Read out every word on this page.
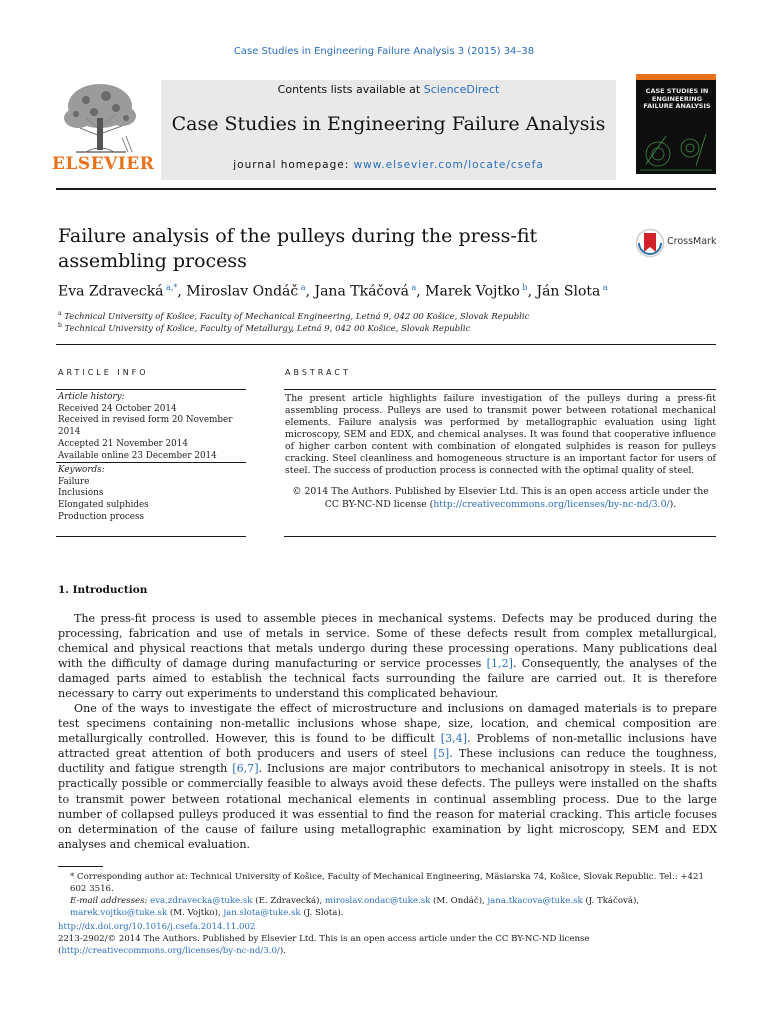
Case Studies in Engineering Failure Analysis 3 (2015) 34–38
ELSEVIER
Contents lists available at ScienceDirect
Case Studies in Engineering Failure Analysis
journal homepage: www.elsevier.com/locate/csefa
CASE STUDIES IN ENGINEERING FAILURE ANALYSIS
Failure analysis of the pulleys during the press-fit assembling process
CrossMark
Eva Zdravecká $^{a,*}$, Miroslav Ondáč $^a$, Jana Tkáčová $^a$, Marek Vojtko $^b$, Ján Slota $^a$
$^a$ Technical University of Košice, Faculty of Mechanical Engineering, Letná 9, 042 00 Košice, Slovak Republic
$^b$ Technical University of Košice, Faculty of Metallurgy, Letná 9, 042 00 Košice, Slovak Republic
ARTICLE INFO	ABSTRACT
Article history:
Received 24 October 2014
Received in revised form 20 November 2014
Accepted 21 November 2014
Available online 23 December 2014
Keywords:
Failure
Inclusions
Elongated sulphides
Production process
The present article highlights failure investigation of the pulleys during a press-fit assembling process. Pulleys are used to transmit power between rotational mechanical elements. Failure analysis was performed by metallographic evaluation using light microscopy, SEM and EDX, and chemical analyses. It was found that cooperative influence of higher carbon content with combination of elongated sulphides is reason for pulleys cracking. Steel cleanliness and homogeneous structure is an important factor for users of steel. The success of production process is connected with the optimal quality of steel.
© 2014 The Authors. Published by Elsevier Ltd. This is an open access article under the CC BY-NC-ND license (http://creativecommons.org/licenses/by-nc-nd/3.0/).
1. Introduction
The press-fit process is used to assemble pieces in mechanical systems. Defects may be produced during the processing, fabrication and use of metals in service. Some of these defects result from complex metallurgical, chemical and physical reactions that metals undergo during these processing operations. Many publications deal with the difficulty of damage during manufacturing or service processes [1,2]. Consequently, the analyses of the damaged parts aimed to establish the technical facts surrounding the failure are carried out. It is therefore necessary to carry out experiments to understand this complicated behaviour.
One of the ways to investigate the effect of microstructure and inclusions on damaged materials is to prepare test specimens containing non-metallic inclusions whose shape, size, location, and chemical composition are metallurgically controlled. However, this is found to be difficult [3,4]. Problems of non-metallic inclusions have attracted great attention of both producers and users of steel [5]. These inclusions can reduce the toughness, ductility and fatigue strength [6,7]. Inclusions are major contributors to mechanical anisotropy in steels. It is not practically possible or commercially feasible to always avoid these defects. The pulleys were installed on the shafts to transmit power between rotational mechanical elements in continual assembling process. Due to the large number of collapsed pulleys produced it was essential to find the reason for material cracking. This article focuses on determination of the cause of failure using metallographic examination by light microscopy, SEM and EDX analyses and chemical evaluation.
* Corresponding author at: Technical University of Košice, Faculty of Mechanical Engineering, Mäsiarska 74, Košice, Slovak Republic. Tel.: +421 602 3516.
E-mail addresses: eva.zdravecka@tuke.sk (E. Zdravecká), miroslav.ondac@tuke.sk (M. Ondáč), jana.tkacova@tuke.sk (J. Tkáčová), marek.vojtko@tuke.sk (M. Vojtko), jan.slota@tuke.sk (J. Slota).
http://dx.doi.org/10.1016/j.csefa.2014.11.002
2213-2902/© 2014 The Authors. Published by Elsevier Ltd. This is an open access article under the CC BY-NC-ND license (http://creativecommons.org/licenses/by-nc-nd/3.0/).
